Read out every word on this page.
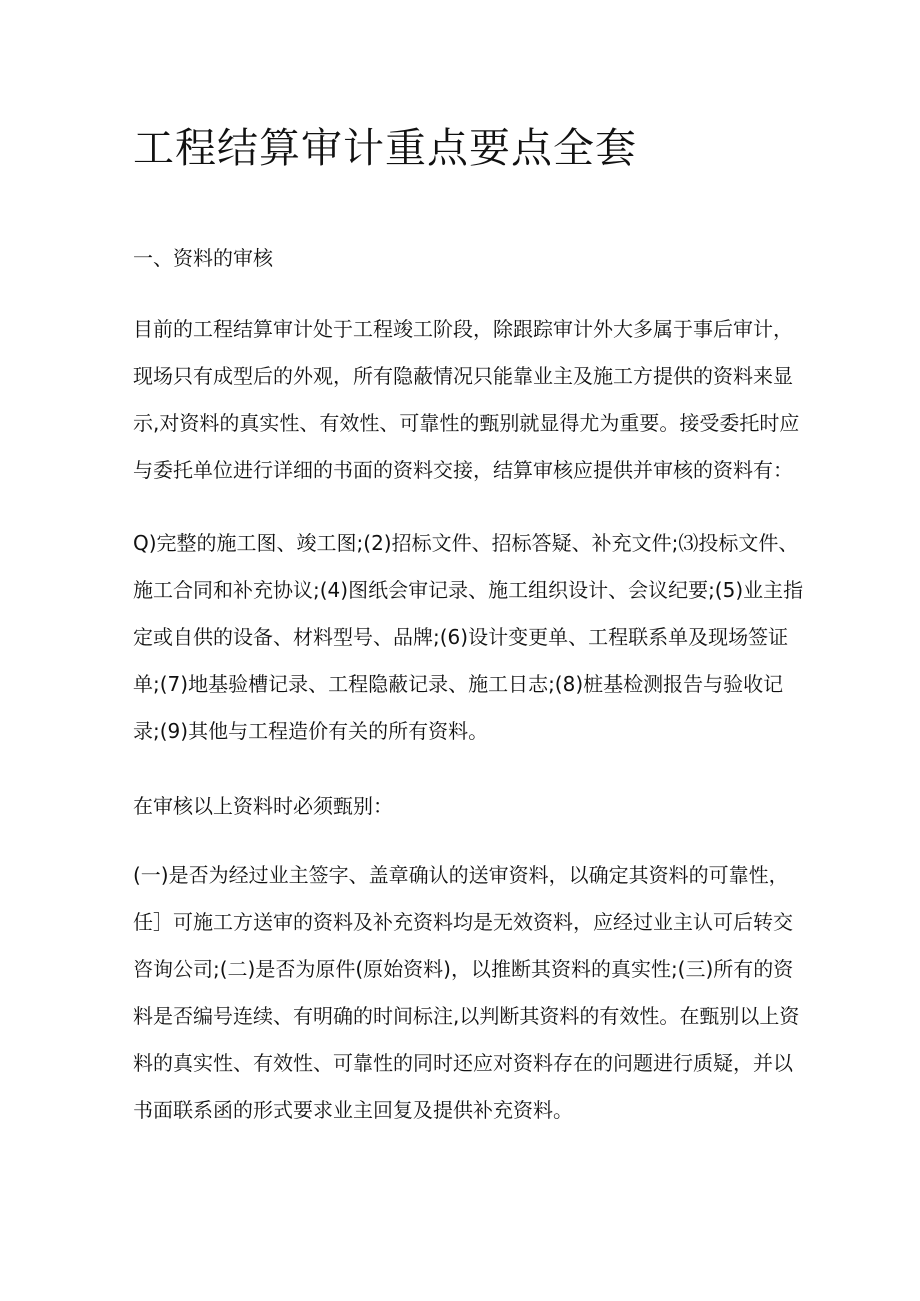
工程结算审计重点要点全套
一、资料的审核

目前的工程结算审计处于工程竣工阶段，除跟踪审计外大多属于事后审计，
现场只有成型后的外观，所有隐蔽情况只能靠业主及施工方提供的资料来显
示,对资料的真实性、有效性、可靠性的甄别就显得尤为重要。接受委托时应
与委托单位进行详细的书面的资料交接，结算审核应提供并审核的资料有：

Q)完整的施工图、竣工图;(2)招标文件、招标答疑、补充文件;⑶投标文件、
施工合同和补充协议;(4)图纸会审记录、施工组织设计、会议纪要;(5)业主指
定或自供的设备、材料型号、品牌;(6)设计变更单、工程联系单及现场签证
单;(7)地基验槽记录、工程隐蔽记录、施工日志;(8)桩基检测报告与验收记
录;(9)其他与工程造价有关的所有资料。

在审核以上资料时必须甄别：

(一)是否为经过业主签字、盖章确认的送审资料，以确定其资料的可靠性，
任］可施工方送审的资料及补充资料均是无效资料，应经过业主认可后转交
咨询公司;(二)是否为原件(原始资料)，以推断其资料的真实性;(三)所有的资
料是否编号连续、有明确的时间标注,以判断其资料的有效性。在甄别以上资
料的真实性、有效性、可靠性的同时还应对资料存在的问题进行质疑，并以
书面联系函的形式要求业主回复及提供补充资料。
